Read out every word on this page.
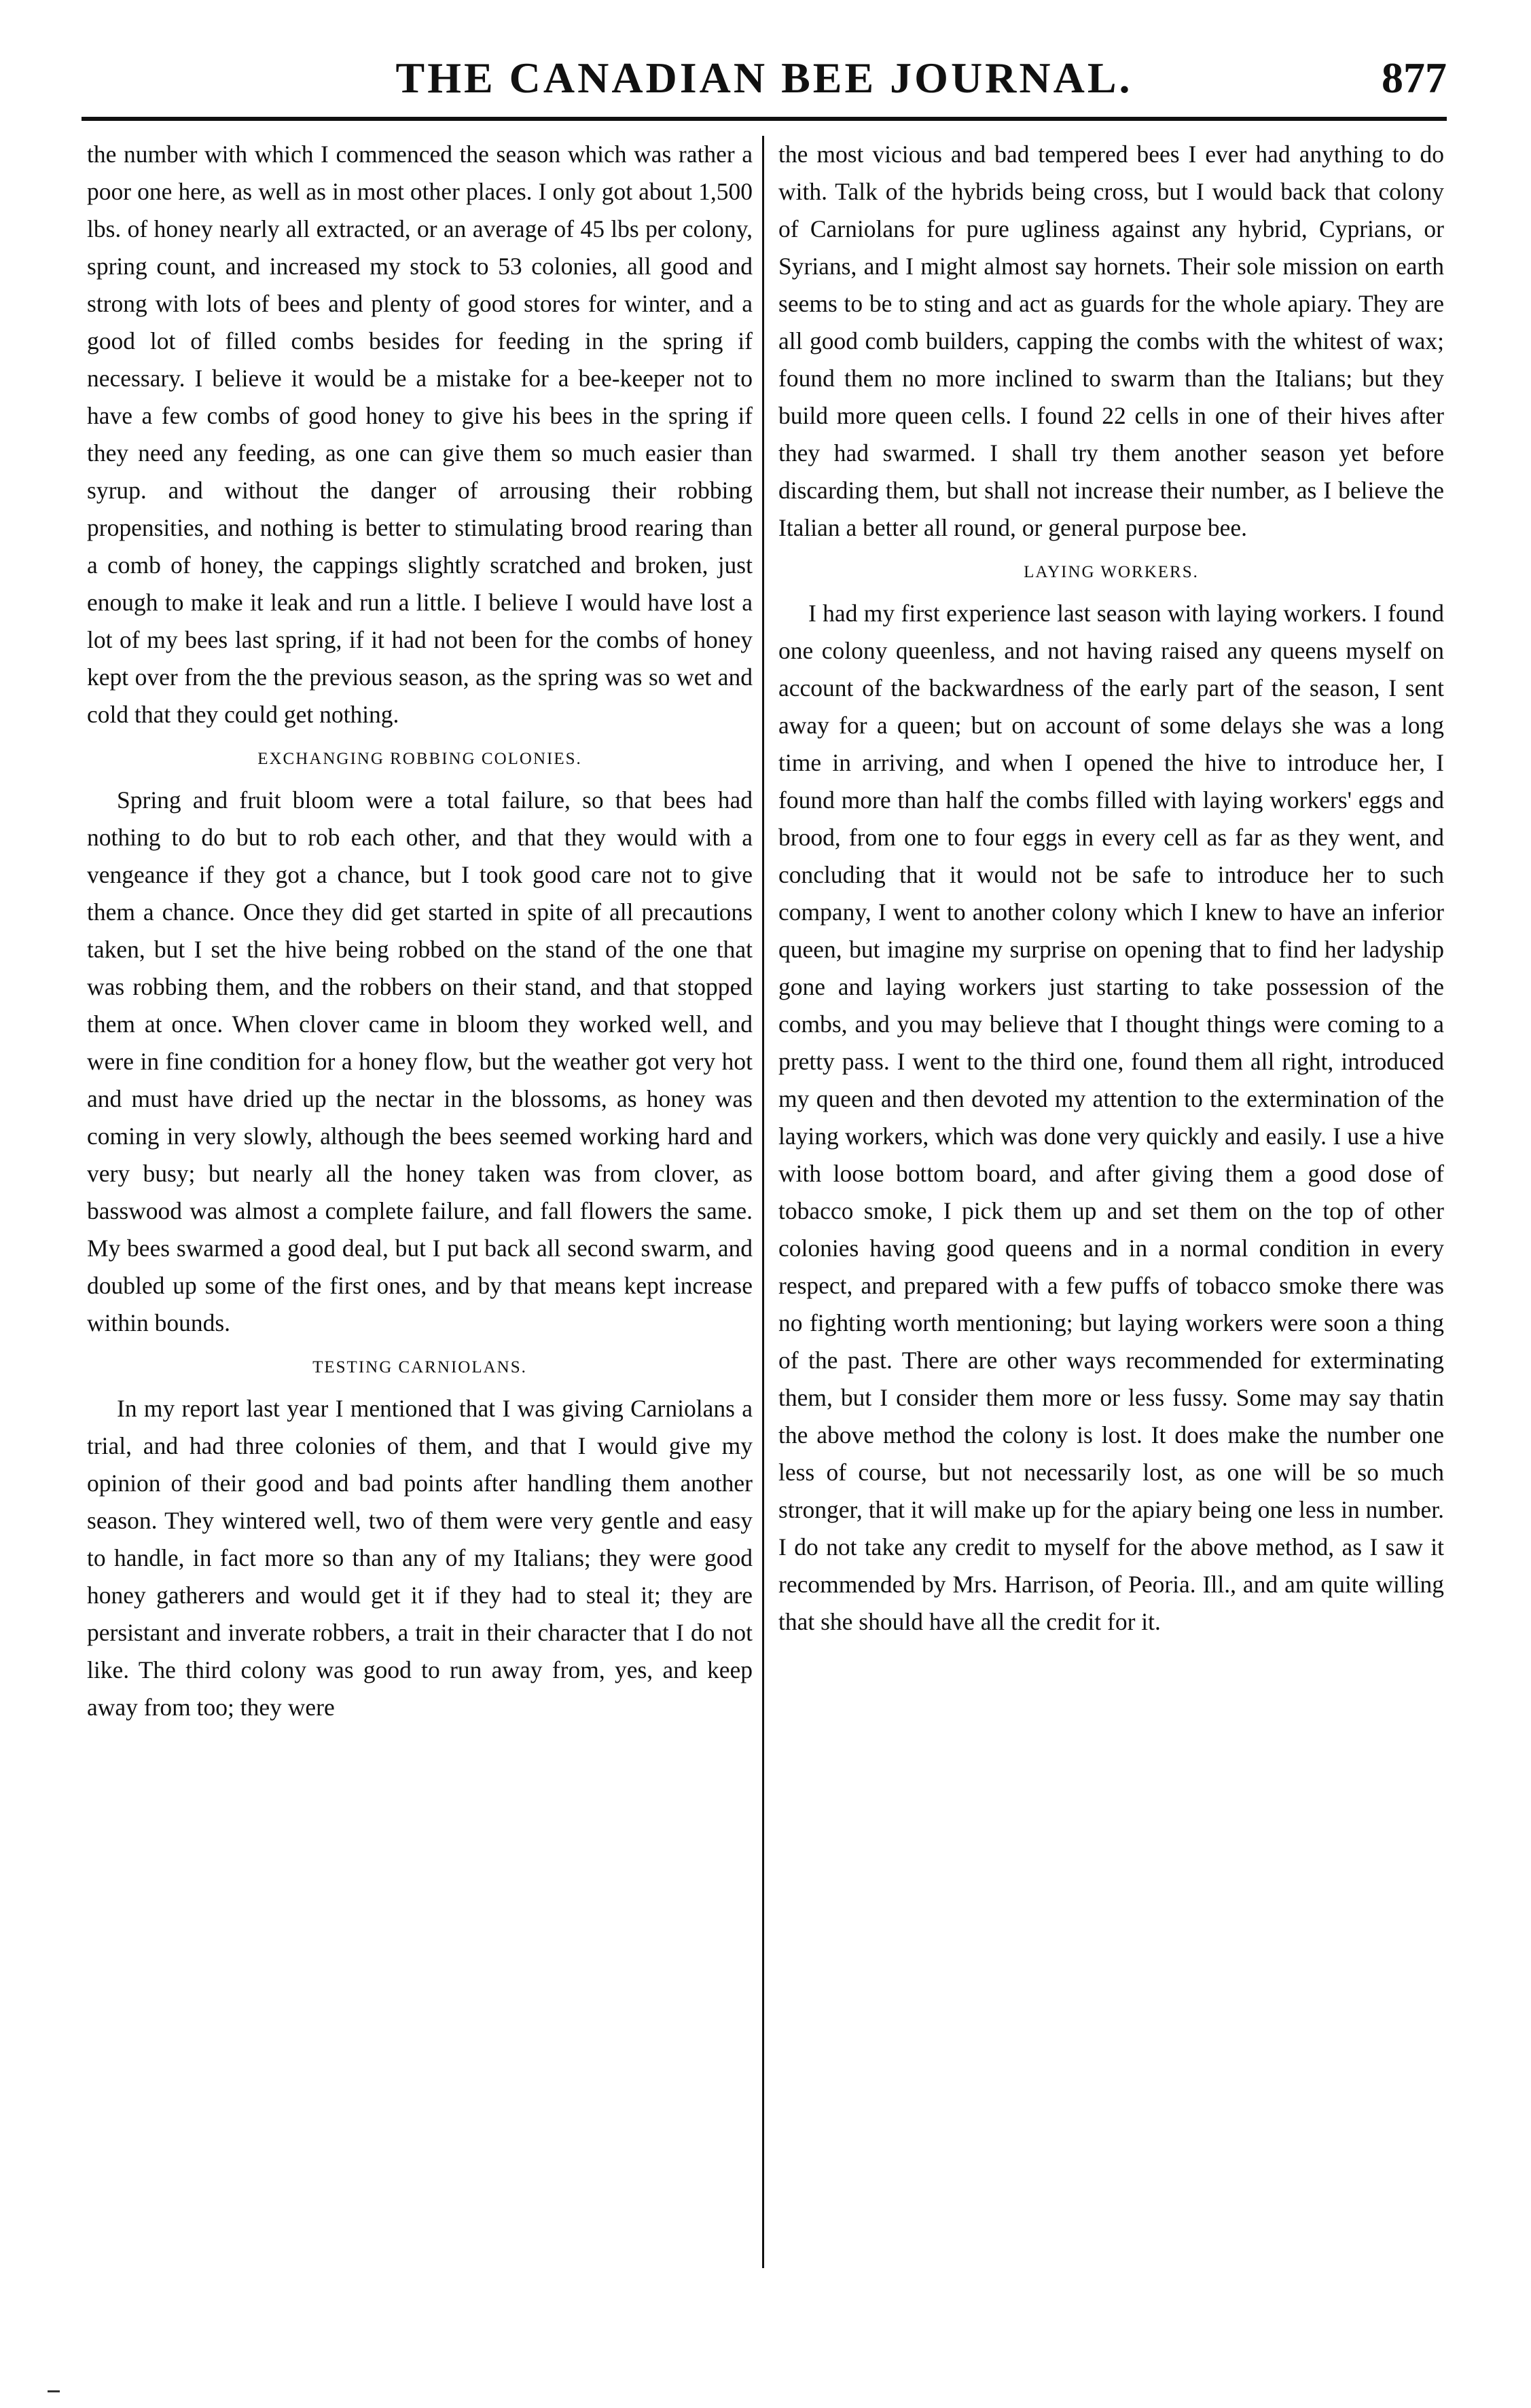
THE CANADIAN BEE JOURNAL.	877

the number with which I commenced the season which was rather a poor one here, as well as in most other places. I only got about 1,500 lbs. of honey nearly all extracted, or an average of 45 lbs per colony, spring count, and increased my stock to 53 colonies, all good and strong with lots of bees and plenty of good stores for winter, and a good lot of filled combs besides for feeding in the spring if necessary. I believe it would be a mistake for a bee-keeper not to have a few combs of good honey to give his bees in the spring if they need any feeding, as one can give them so much easier than syrup. and without the danger of arrousing their robbing propensities, and nothing is better to stimulating brood rearing than a comb of honey, the cappings slightly scratched and broken, just enough to make it leak and run a little. I believe I would have lost a lot of my bees last spring, if it had not been for the combs of honey kept over from the the previous season, as the spring was so wet and cold that they could get nothing.

EXCHANGING ROBBING COLONIES.

Spring and fruit bloom were a total failure, so that bees had nothing to do but to rob each other, and that they would with a vengeance if they got a chance, but I took good care not to give them a chance. Once they did get started in spite of all precautions taken, but I set the hive being robbed on the stand of the one that was robbing them, and the robbers on their stand, and that stopped them at once. When clover came in bloom they worked well, and were in fine condition for a honey flow, but the weather got very hot and must have dried up the nectar in the blossoms, as honey was coming in very slowly, although the bees seemed working hard and very busy; but nearly all the honey taken was from clover, as basswood was almost a complete failure, and fall flowers the same. My bees swarmed a good deal, but I put back all second swarm, and doubled up some of the first ones, and by that means kept increase within bounds.

TESTING CARNIOLANS.

In my report last year I mentioned that I was giving Carniolans a trial, and had three colonies of them, and that I would give my opinion of their good and bad points after handling them another season. They wintered well, two of them were very gentle and easy to handle, in fact more so than any of my Italians; they were good honey gatherers and would get it if they had to steal it; they are persistant and inverate robbers, a trait in their character that I do not like. The third colony was good to run away from, yes, and keep away from too; they were

the most vicious and bad tempered bees I ever had anything to do with. Talk of the hybrids being cross, but I would back that colony of Carniolans for pure ugliness against any hybrid, Cyprians, or Syrians, and I might almost say hornets. Their sole mission on earth seems to be to sting and act as guards for the whole apiary. They are all good comb builders, capping the combs with the whitest of wax; found them no more inclined to swarm than the Italians; but they build more queen cells. I found 22 cells in one of their hives after they had swarmed. I shall try them another season yet before discarding them, but shall not increase their number, as I believe the Italian a better all round, or general purpose bee.

LAYING WORKERS.

I had my first experience last season with laying workers. I found one colony queenless, and not having raised any queens myself on account of the backwardness of the early part of the season, I sent away for a queen; but on account of some delays she was a long time in arriving, and when I opened the hive to introduce her, I found more than half the combs filled with laying workers' eggs and brood, from one to four eggs in every cell as far as they went, and concluding that it would not be safe to introduce her to such company, I went to another colony which I knew to have an inferior queen, but imagine my surprise on opening that to find her ladyship gone and laying workers just starting to take possession of the combs, and you may believe that I thought things were coming to a pretty pass. I went to the third one, found them all right, introduced my queen and then devoted my attention to the extermination of the laying workers, which was done very quickly and easily. I use a hive with loose bottom board, and after giving them a good dose of tobacco smoke, I pick them up and set them on the top of other colonies having good queens and in a normal condition in every respect, and prepared with a few puffs of tobacco smoke there was no fighting worth mentioning; but laying workers were soon a thing of the past. There are other ways recommended for exterminating them, but I consider them more or less fussy. Some may say thatin the above method the colony is lost. It does make the number one less of course, but not necessarily lost, as one will be so much stronger, that it will make up for the apiary being one less in number. I do not take any credit to myself for the above method, as I saw it recommended by Mrs. Harrison, of Peoria. Ill., and am quite willing that she should have all the credit for it.
